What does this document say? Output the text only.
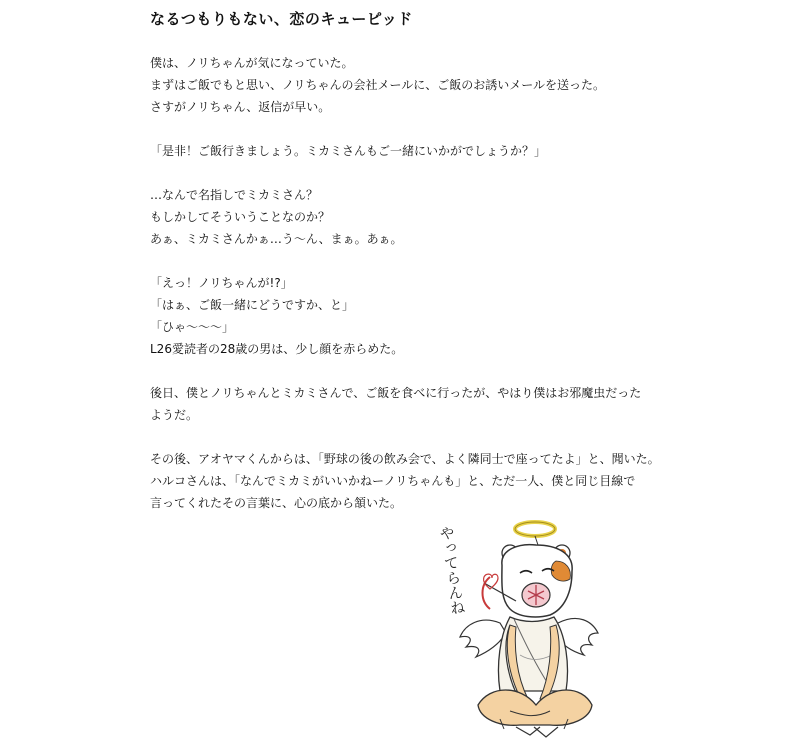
なるつもりもない、恋のキューピッド

僕は、ノリちゃんが気になっていた。
まずはご飯でもと思い、ノリちゃんの会社メールに、ご飯のお誘いメールを送った。
さすがノリちゃん、返信が早い。

「是非！ご飯行きましょう。ミカミさんもご一緒にいかがでしょうか？」

…なんで名指しでミカミさん？
もしかしてそういうことなのか？
あぁ、ミカミさんかぁ…う～ん、まぁ。あぁ。

「えっ！ノリちゃんが!?」
「はぁ、ご飯一緒にどうですか、と」
「ひゃ～～～」
L26愛読者の28歳の男は、少し顔を赤らめた。

後日、僕とノリちゃんとミカミさんで、ご飯を食べに行ったが、やはり僕はお邪魔虫だった
ようだ。

その後、アオヤマくんからは、｢野球の後の飲み会で、よく隣同士で座ってたよ」と、聞いた。
ハルコさんは、「なんでミカミがいいかねーノリちゃんも」と、ただ一人、僕と同じ目線で
言ってくれたその言葉に、心の底から頷いた。

やってらんね
